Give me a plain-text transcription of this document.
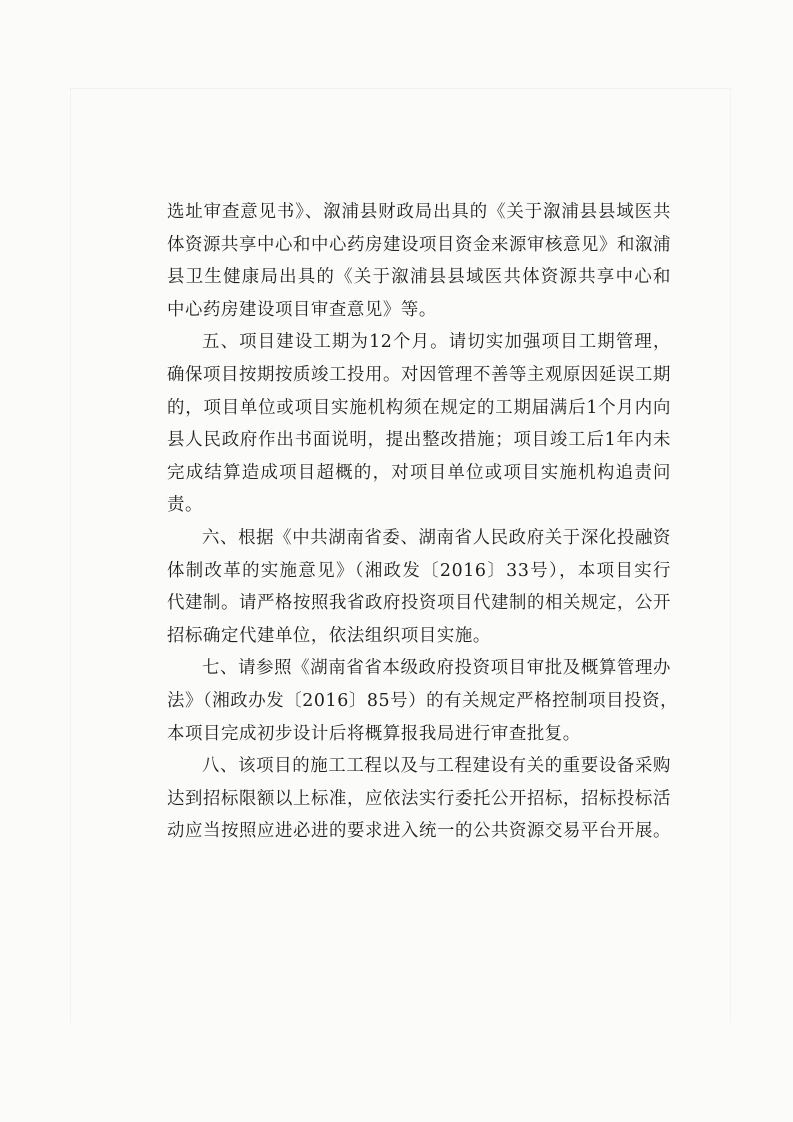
选址审查意见书》、溆浦县财政局出具的《关于溆浦县县域医共
体资源共享中心和中心药房建设项目资金来源审核意见》和溆浦
县卫生健康局出具的《关于溆浦县县域医共体资源共享中心和
中心药房建设项目审查意见》等。
五、项目建设工期为12个月。请切实加强项目工期管理，
确保项目按期按质竣工投用。对因管理不善等主观原因延误工期
的，项目单位或项目实施机构须在规定的工期届满后1个月内向
县人民政府作出书面说明，提出整改措施；项目竣工后1年内未
完成结算造成项目超概的，对项目单位或项目实施机构追责问
责。
六、根据《中共湖南省委、湖南省人民政府关于深化投融资
体制改革的实施意见》（湘政发〔2016〕33号），本项目实行
代建制。请严格按照我省政府投资项目代建制的相关规定，公开
招标确定代建单位，依法组织项目实施。
七、请参照《湖南省省本级政府投资项目审批及概算管理办
法》（湘政办发〔2016〕85号）的有关规定严格控制项目投资，
本项目完成初步设计后将概算报我局进行审查批复。
八、该项目的施工工程以及与工程建设有关的重要设备采购
达到招标限额以上标准，应依法实行委托公开招标，招标投标活
动应当按照应进必进的要求进入统一的公共资源交易平台开展。
